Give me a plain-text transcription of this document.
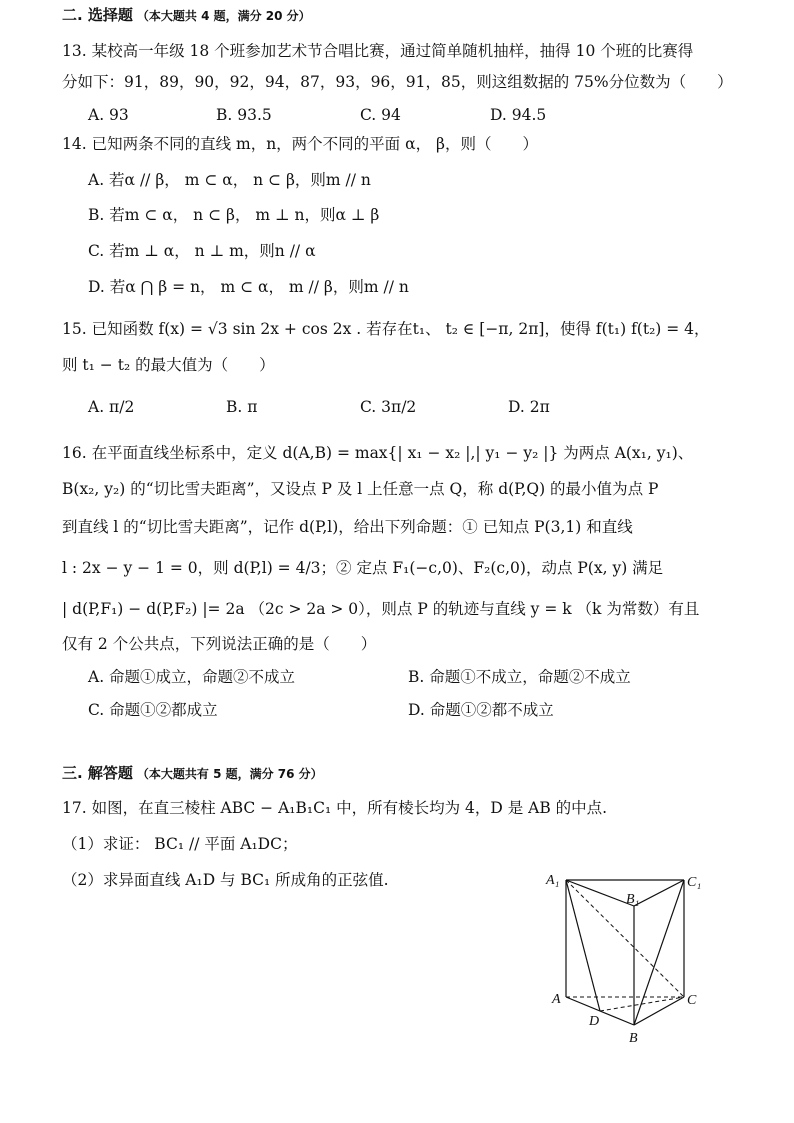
二. 选择题 （本大题共 4 题，满分 20 分）
13. 某校高一年级 18 个班参加艺术节合唱比赛，通过简单随机抽样，抽得 10 个班的比赛得
分如下：91，89，90，92，94，87，93，96，91，85，则这组数据的 75%分位数为（　　）
A. 93	B. 93.5	C. 94	D. 94.5
14. 已知两条不同的直线 m，n，两个不同的平面 α， β，则（　　）
A. 若α // β， m ⊂ α， n ⊂ β，则m // n
B. 若m ⊂ α， n ⊂ β， m ⊥ n，则α ⊥ β
C. 若m ⊥ α， n ⊥ m，则n // α
D. 若α ⋂ β = n， m ⊂ α， m // β，则m // n
15. 已知函数 f(x) = √3 sin 2x + cos 2x . 若存在t₁、 t₂ ∈ [−π, 2π]，使得 f(t₁) f(t₂) = 4，
则 t₁ − t₂ 的最大值为（　　）
A. π/2	B. π	C. 3π/2	D. 2π
16. 在平面直线坐标系中，定义 d(A,B) = max{| x₁ − x₂ |,| y₁ − y₂ |} 为两点 A(x₁, y₁)、
B(x₂, y₂) 的“切比雪夫距离”，又设点 P 及 l 上任意一点 Q，称 d(P,Q) 的最小值为点 P
到直线 l 的“切比雪夫距离”，记作 d(P,l)，给出下列命题：① 已知点 P(3,1) 和直线
l : 2x − y − 1 = 0，则 d(P,l) = 4/3；② 定点 F₁(−c,0)、F₂(c,0)，动点 P(x, y) 满足
| d(P,F₁) − d(P,F₂) |= 2a （2c > 2a > 0），则点 P 的轨迹与直线 y = k （k 为常数）有且
仅有 2 个公共点，下列说法正确的是（　　）
A. 命题①成立，命题②不成立	B. 命题①不成立，命题②不成立
C. 命题①②都成立	D. 命题①②都不成立
三. 解答题 （本大题共有 5 题，满分 76 分）
17. 如图，在直三棱柱 ABC − A₁B₁C₁ 中，所有棱长均为 4，D 是 AB 的中点.
（1）求证： BC₁ // 平面 A₁DC；
（2）求异面直线 A₁D 与 BC₁ 所成角的正弦值.	A₁
B₁
C₁
A
D
B
C
